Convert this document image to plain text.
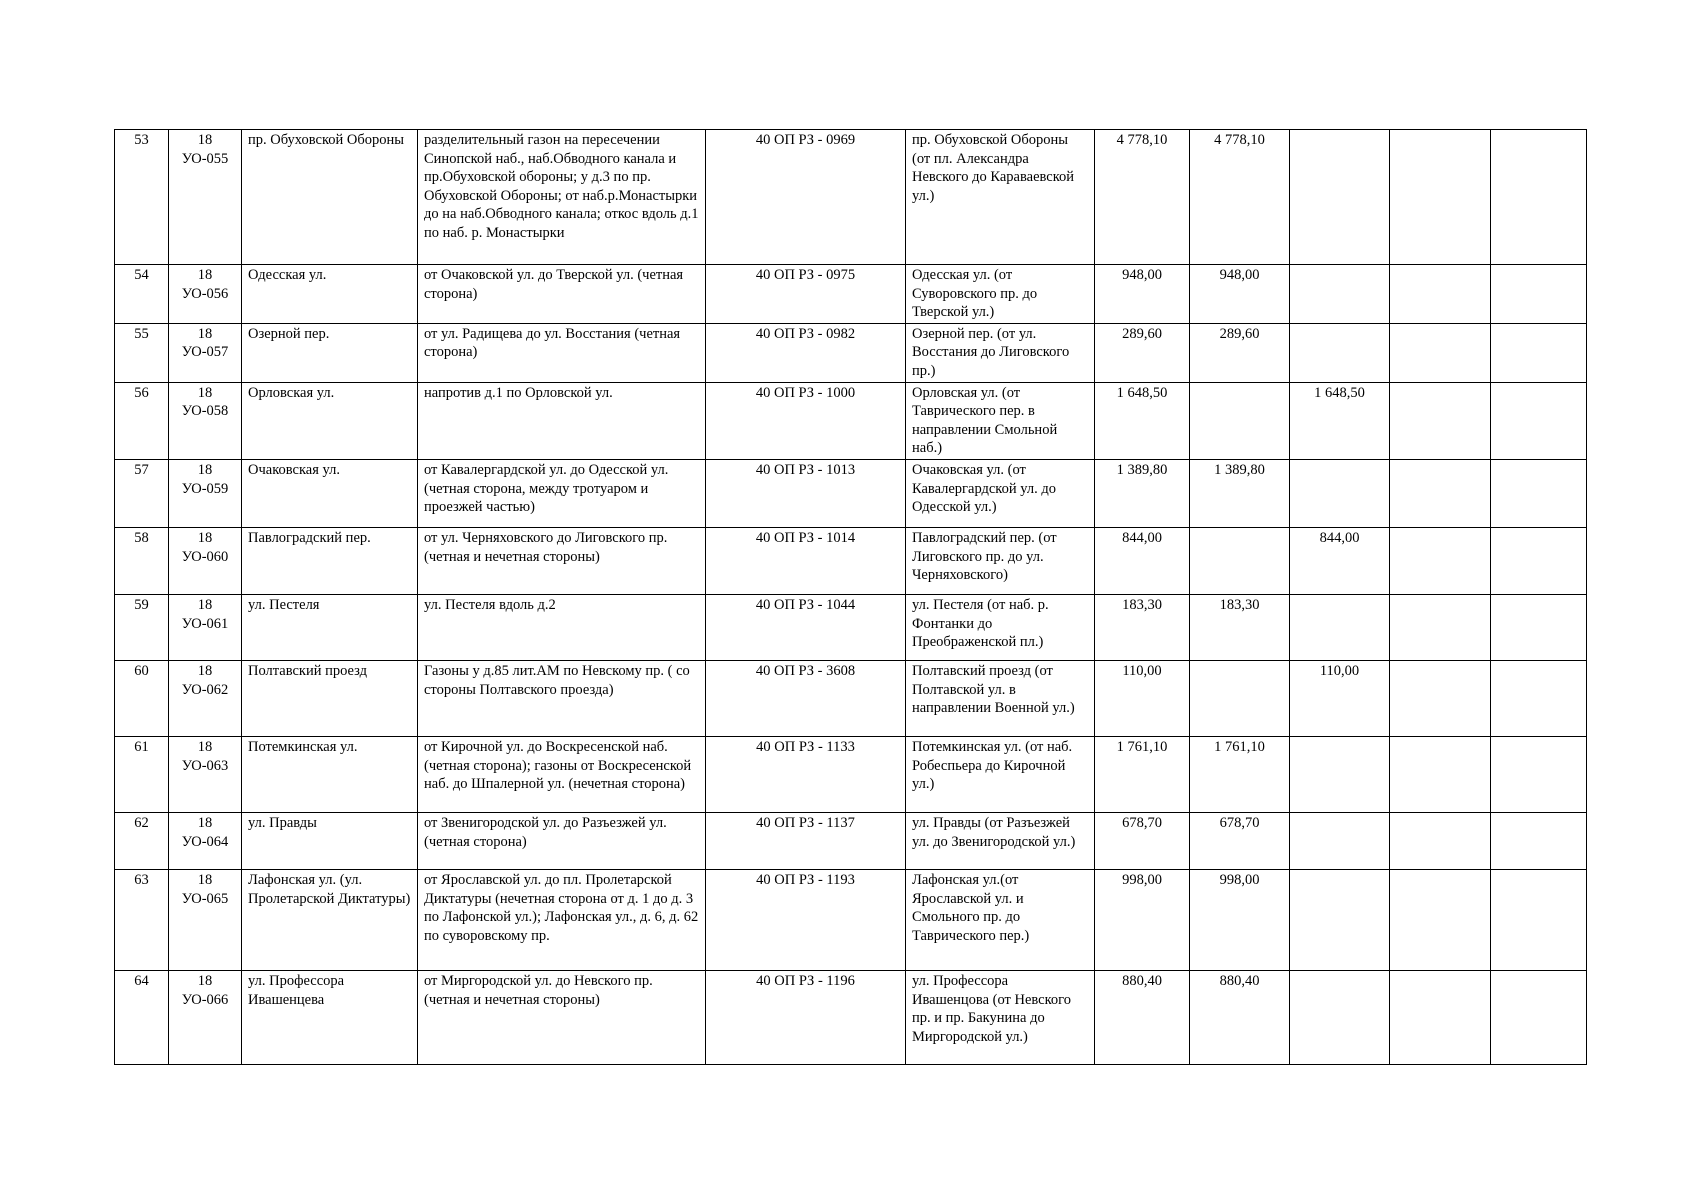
53	18 УО-055	пр. Обуховской Обороны	разделительный газон на пересечении Синопской наб., наб.Обводного канала и пр.Обуховской обороны; у д.3 по пр. Обуховской Обороны; от наб.р.Монастырки до на наб.Обводного канала; откос вдоль д.1 по наб. р. Монастырки	40 ОП РЗ - 0969	пр. Обуховской Обороны (от пл. Александра Невского до Караваевской ул.)	4 778,10	4 778,10			
54	18 УО-056	Одесская ул.	от Очаковской ул. до Тверской ул. (четная сторона)	40 ОП РЗ - 0975	Одесская ул. (от Суворовского пр. до Тверской ул.)	948,00	948,00			
55	18 УО-057	Озерной пер.	от ул. Радищева до ул. Восстания (четная сторона)	40 ОП РЗ - 0982	Озерной пер. (от ул. Восстания до Лиговского пр.)	289,60	289,60			
56	18 УО-058	Орловская ул.	напротив д.1 по Орловской ул.	40 ОП РЗ - 1000	Орловская ул. (от Таврического пер. в направлении Смольной наб.)	1 648,50		1 648,50		
57	18 УО-059	Очаковская ул.	от Кавалергардской ул. до Одесской ул. (четная сторона, между тротуаром и проезжей частью)	40 ОП РЗ - 1013	Очаковская ул. (от Кавалергардской ул. до Одесской ул.)	1 389,80	1 389,80			
58	18 УО-060	Павлоградский пер.	от ул. Черняховского до Лиговского пр. (четная и нечетная стороны)	40 ОП РЗ - 1014	Павлоградский пер. (от Лиговского пр. до ул. Черняховского)	844,00		844,00		
59	18 УО-061	ул. Пестеля	ул. Пестеля вдоль д.2	40 ОП РЗ - 1044	ул. Пестеля (от наб. р. Фонтанки до Преображенской пл.)	183,30	183,30			
60	18 УО-062	Полтавский проезд	Газоны у д.85 лит.АМ по Невскому пр. ( со стороны Полтавского проезда)	40 ОП РЗ - 3608	Полтавский проезд (от Полтавской ул. в направлении Военной ул.)	110,00		110,00		
61	18 УО-063	Потемкинская ул.	от Кирочной ул. до Воскресенской наб. (четная сторона); газоны от Воскресенской наб. до Шпалерной ул. (нечетная сторона)	40 ОП РЗ - 1133	Потемкинская ул. (от наб. Робеспьера до Кирочной ул.)	1 761,10	1 761,10			
62	18 УО-064	ул. Правды	от Звенигородской ул. до Разъезжей ул. (четная сторона)	40 ОП РЗ - 1137	ул. Правды (от Разъезжей ул. до Звенигородской ул.)	678,70	678,70			
63	18 УО-065	Лафонская ул. (ул. Пролетарской Диктатуры)	от Ярославской ул. до пл. Пролетарской Диктатуры (нечетная сторона от д. 1 до д. 3 по Лафонской ул.); Лафонская ул., д. 6, д. 62 по суворовскому пр.	40 ОП РЗ - 1193	Лафонская ул.(от Ярославской ул. и Смольного пр. до Таврического пер.)	998,00	998,00			
64	18 УО-066	ул. Профессора Ивашенцева	от Миргородской ул. до Невского пр. (четная и нечетная стороны)	40 ОП РЗ - 1196	ул. Профессора Ивашенцова (от Невского пр. и пр. Бакунина до Миргородской ул.)	880,40	880,40			
